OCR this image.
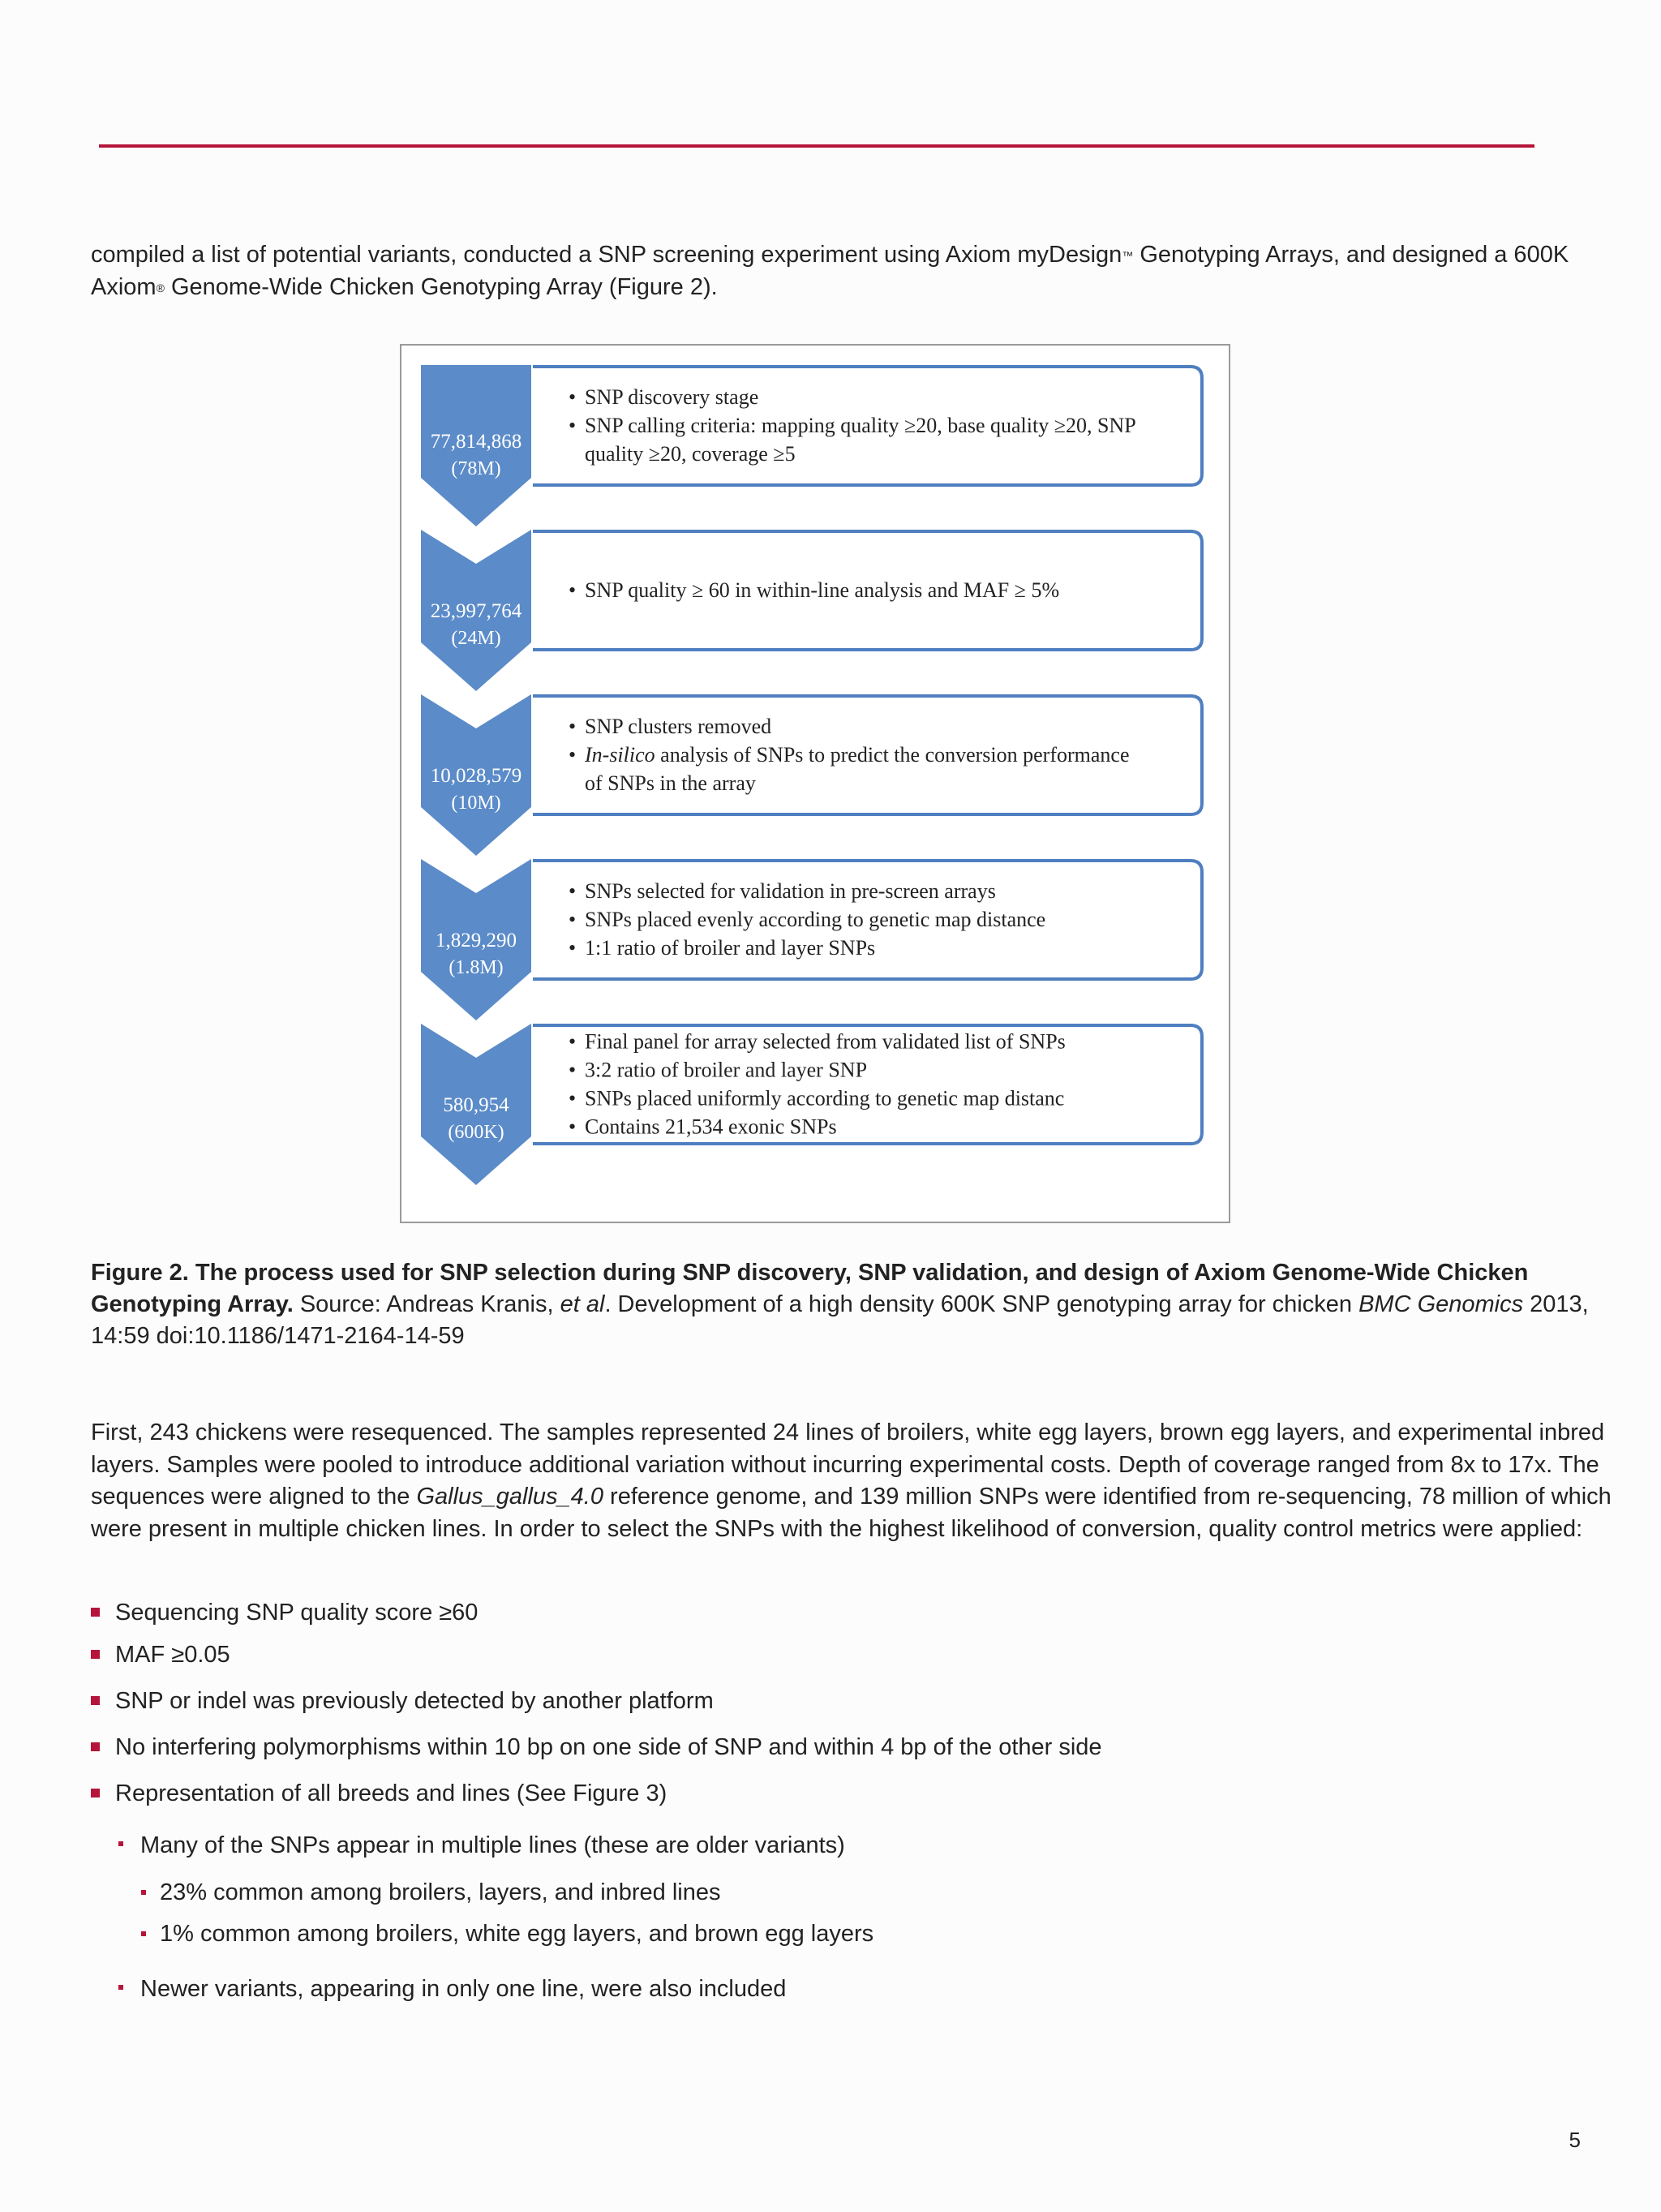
compiled a list of potential variants, conducted a SNP screening experiment using Axiom myDesign™ Genotyping Arrays, and designed a 600K Axiom® Genome-Wide Chicken Genotyping Array (Figure 2).

77,814,868
(78M)
• SNP discovery stage
• SNP calling criteria: mapping quality ≥20, base quality ≥20, SNP
quality ≥20, coverage ≥5
23,997,764
(24M)
• SNP quality ≥ 60 in within-line analysis and MAF ≥ 5%
10,028,579
(10M)
• SNP clusters removed
• In-silico analysis of SNPs to predict the conversion performance
of SNPs in the array
1,829,290
(1.8M)
• SNPs selected for validation in pre-screen arrays
• SNPs placed evenly according to genetic map distance
• 1:1 ratio of broiler and layer SNPs
580,954
(600K)
• Final panel for array selected from validated list of SNPs
• 3:2 ratio of broiler and layer SNP
• SNPs placed uniformly according to genetic map distanc
• Contains 21,534 exonic SNPs

Figure 2. The process used for SNP selection during SNP discovery, SNP validation, and design of Axiom Genome-Wide Chicken Genotyping Array. Source: Andreas Kranis, et al. Development of a high density 600K SNP genotyping array for chicken BMC Genomics 2013, 14:59 doi:10.1186/1471-2164-14-59

First, 243 chickens were resequenced. The samples represented 24 lines of broilers, white egg layers, brown egg layers, and experimental inbred layers. Samples were pooled to introduce additional variation without incurring experimental costs. Depth of coverage ranged from 8x to 17x. The sequences were aligned to the Gallus_gallus_4.0 reference genome, and 139 million SNPs were identified from re-sequencing, 78 million of which were present in multiple chicken lines. In order to select the SNPs with the highest likelihood of conversion, quality control metrics were applied:

Sequencing SNP quality score ≥60
MAF ≥0.05
SNP or indel was previously detected by another platform
No interfering polymorphisms within 10 bp on one side of SNP and within 4 bp of the other side
Representation of all breeds and lines (See Figure 3)
Many of the SNPs appear in multiple lines (these are older variants)
23% common among broilers, layers, and inbred lines
1% common among broilers, white egg layers, and brown egg layers
Newer variants, appearing in only one line, were also included
5
